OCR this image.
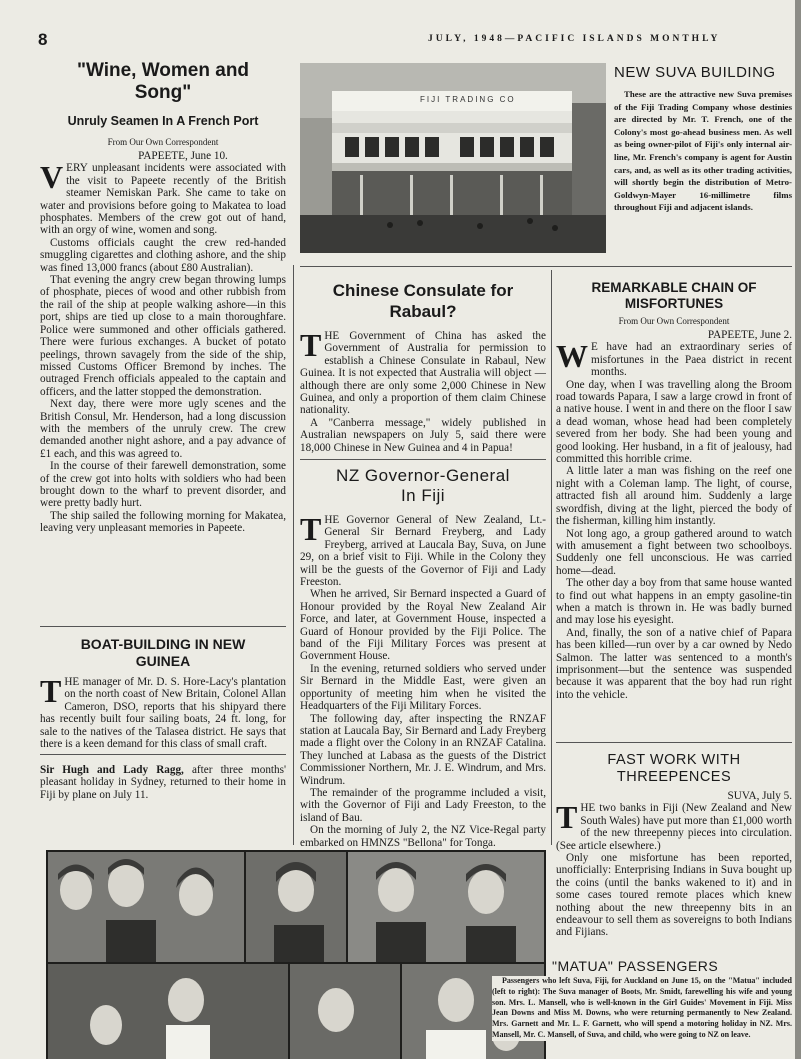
8	JULY, 1948—PACIFIC ISLANDS MONTHLY
"Wine, Women and Song"
Unruly Seamen In A French Port
From Our Own Correspondent
PAPEETE, June 10.

VERY unpleasant incidents were associated with the visit to Papeete recently of the British steamer Nemiskan Park. She came to take on water and provisions before going to Makatea to load phosphates. Members of the crew got out of hand, with an orgy of wine, women and song.

Customs officials caught the crew red-handed smuggling cigarettes and clothing ashore, and the ship was fined 13,000 francs (about £80 Australian).

That evening the angry crew began throwing lumps of phosphate, pieces of wood and other rubbish from the rail of the ship at people walking ashore—in this port, ships are tied up close to a main thoroughfare. Police were summoned and other officials gathered. There were furious exchanges. A bucket of potato peelings, thrown savagely from the side of the ship, missed Customs Officer Bremond by inches. The outraged French officials appealed to the captain and officers, and the latter stopped the demonstration.

Next day, there were more ugly scenes and the British Consul, Mr. Henderson, had a long discussion with the members of the unruly crew. The crew demanded another night ashore, and a pay advance of £1 each, and this was agreed to.

In the course of their farewell demonstration, some of the crew got into holts with soldiers who had been brought down to the wharf to prevent disorder, and were pretty badly hurt.

The ship sailed the following morning for Makatea, leaving very unpleasant memories in Papeete.

BOAT-BUILDING IN NEW GUINEA

THE manager of Mr. D. S. Hore-Lacy's plantation on the north coast of New Britain, Colonel Allan Cameron, DSO, reports that his shipyard there has recently built four sailing boats, 24 ft. long, for sale to the natives of the Talasea district. He says that there is a keen demand for this class of small craft.

Sir Hugh and Lady Ragg, after three months' pleasant holiday in Sydney, returned to their home in Fiji by plane on July 11.

FIJI TRADING CO
NEW SUVA BUILDING
These are the attractive new Suva premises of the Fiji Trading Company whose destinies are directed by Mr. T. French, one of the Colony's most go-ahead business men. As well as being owner-pilot of Fiji's only internal air-line, Mr. French's company is agent for Austin cars, and, as well as its other trading activities, will shortly begin the distribution of Metro-Goldwyn-Mayer 16-millimetre films throughout Fiji and adjacent islands.
Chinese Consulate for Rabaul?

THE Government of China has asked the Government of Australia for permission to establish a Chinese Consulate in Rabaul, New Guinea. It is not expected that Australia will object —although there are only some 2,000 Chinese in New Guinea, and only a proportion of them claim Chinese nationality.

A "Canberra message," widely published in Australian newspapers on July 5, said there were 18,000 Chinese in New Guinea and 4 in Papua!

NZ Governor-General In Fiji

THE Governor General of New Zealand, Lt.-General Sir Bernard Freyberg, and Lady Freyberg, arrived at Laucala Bay, Suva, on June 29, on a brief visit to Fiji. While in the Colony they will be the guests of the Governor of Fiji and Lady Freeston.

When he arrived, Sir Bernard inspected a Guard of Honour provided by the Royal New Zealand Air Force, and later, at Government House, inspected a Guard of Honour provided by the Fiji Police. The band of the Fiji Military Forces was present at Government House.

In the evening, returned soldiers who served under Sir Bernard in the Middle East, were given an opportunity of meeting him when he visited the Headquarters of the Fiji Military Forces.

The following day, after inspecting the RNZAF station at Laucala Bay, Sir Bernard and Lady Freyberg made a flight over the Colony in an RNZAF Catalina. They lunched at Labasa as the guests of the District Commissioner Northern, Mr. J. E. Windrum, and Mrs. Windrum.

The remainder of the programme included a visit, with the Governor of Fiji and Lady Freeston, to the island of Bau.

On the morning of July 2, the NZ Vice-Regal party embarked on HMNZS "Bellona" for Tonga.

REMARKABLE CHAIN OF MISFORTUNES
From Our Own Correspondent
PAPEETE, June 2.

W E have had an extraordinary series of misfortunes in the Paea district in recent months.

One day, when I was travelling along the Broom road towards Papara, I saw a large crowd in front of a native house. I went in and there on the floor I saw a dead woman, whose head had been completely severed from her body. She had been young and good looking. Her husband, in a fit of jealousy, had committed this horrible crime.

A little later a man was fishing on the reef one night with a Coleman lamp. The light, of course, attracted fish all around him. Suddenly a large swordfish, diving at the light, pierced the body of the fisherman, killing him instantly.

Not long ago, a group gathered around to watch with amusement a fight between two schoolboys. Suddenly one fell unconscious. He was carried home—dead.

The other day a boy from that same house wanted to find out what happens in an empty gasoline-tin when a match is thrown in. He was badly burned and may lose his eyesight.

And, finally, the son of a native chief of Papara has been killed—run over by a car owned by Nedo Salmon. The latter was sentenced to a month's imprisonment—but the sentence was suspended because it was apparent that the boy had run right into the vehicle.

FAST WORK WITH THREEPENCES
SUVA, July 5.

THE two banks in Fiji (New Zealand and New South Wales) have put more than £1,000 worth of the new threepenny pieces into circulation. (See article elsewhere.)

Only one misfortune has been reported, unofficially: Enterprising Indians in Suva bought up the coins (until the banks wakened to it) and in some cases toured remote places which knew nothing about the new threepenny bits in an endeavour to sell them as sovereigns to both Indians and Fijians.

"MATUA" PASSENGERS
Passengers who left Suva, Fiji, for Auckland on June 15, on the "Matua" included (left to right): The Suva manager of Boots, Mr. Smidt, farewelling his wife and young son. Mrs. L. Mansell, who is well-known in the Girl Guides' Movement in Fiji. Miss Jean Downs and Miss M. Downs, who were returning permanently to New Zealand. Mrs. Garnett and Mr. L. F. Garnett, who will spend a motoring holiday in NZ. Mrs. Mansell, Mr. C. Mansell, of Suva, and child, who were going to NZ on leave.
